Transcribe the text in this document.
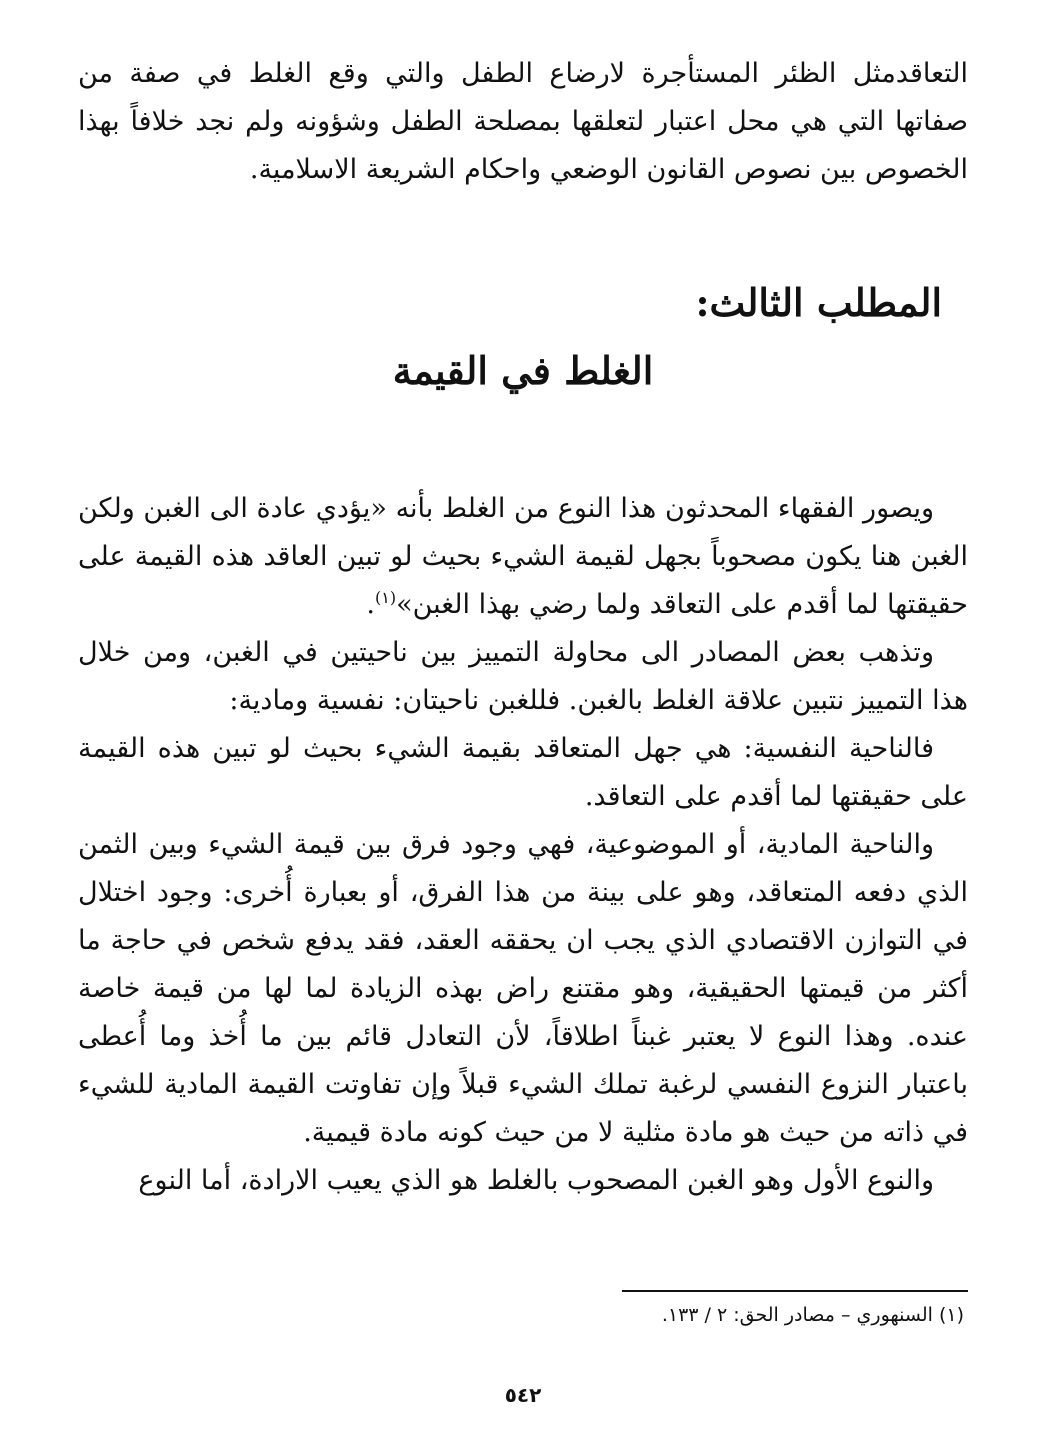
التعاقدمثل الظئر المستأجرة لارضاع الطفل والتي وقع الغلط في صفة من صفاتها التي هي محل اعتبار لتعلقها بمصلحة الطفل وشؤونه ولم نجد خلافاً بهذا الخصوص بين نصوص القانون الوضعي واحكام الشريعة الاسلامية.

المطلب الثالث:
الغلط في القيمة

ويصور الفقهاء المحدثون هذا النوع من الغلط بأنه «يؤدي عادة الى الغبن ولكن الغبن هنا يكون مصحوباً بجهل لقيمة الشيء بحيث لو تبين العاقد هذه القيمة على حقيقتها لما أقدم على التعاقد ولما رضي بهذا الغبن»$^{(١)}$.

وتذهب بعض المصادر الى محاولة التمييز بين ناحيتين في الغبن، ومن خلال هذا التمييز نتبين علاقة الغلط بالغبن. فللغبن ناحيتان: نفسية ومادية:

فالناحية النفسية: هي جهل المتعاقد بقيمة الشيء بحيث لو تبين هذه القيمة على حقيقتها لما أقدم على التعاقد.

والناحية المادية، أو الموضوعية، فهي وجود فرق بين قيمة الشيء وبين الثمن الذي دفعه المتعاقد، وهو على بينة من هذا الفرق، أو بعبارة أُخرى: وجود اختلال في التوازن الاقتصادي الذي يجب ان يحققه العقد، فقد يدفع شخص في حاجة ما أكثر من قيمتها الحقيقية، وهو مقتنع راض بهذه الزيادة لما لها من قيمة خاصة عنده. وهذا النوع لا يعتبر غبناً اطلاقاً، لأن التعادل قائم بين ما أُخذ وما أُعطى باعتبار النزوع النفسي لرغبة تملك الشيء قبلاً وإن تفاوتت القيمة المادية للشيء في ذاته من حيث هو مادة مثلية لا من حيث كونه مادة قيمية.

والنوع الأول وهو الغبن المصحوب بالغلط هو الذي يعيب الارادة، أما النوع

(١) السنهوري – مصادر الحق: ٢ / ١٣٣.

٥٤٢
